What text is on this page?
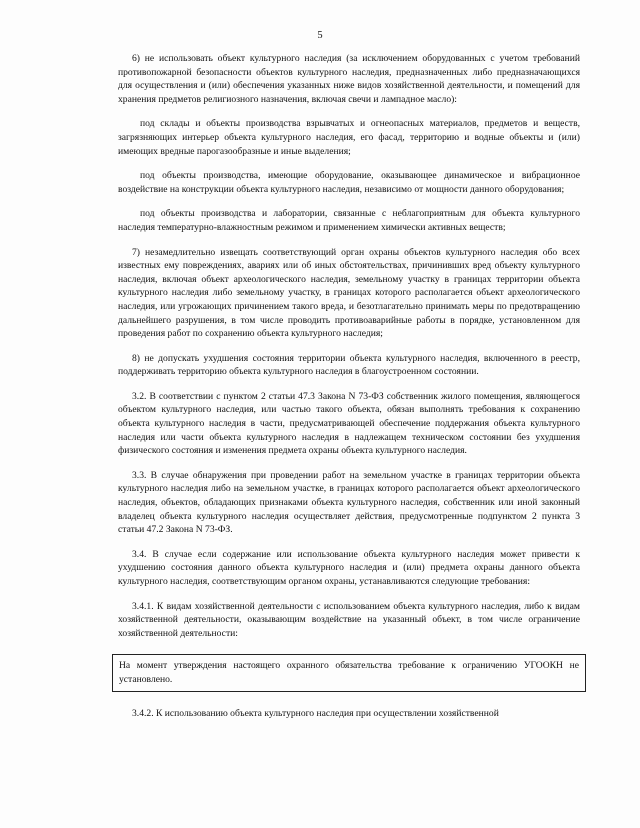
5

6) не использовать объект культурного наследия (за исключением оборудованных с учетом требований противопожарной безопасности объектов культурного наследия, предназначенных либо предназначающихся для осуществления и (или) обеспечения указанных ниже видов хозяйственной деятельности, и помещений для хранения предметов религиозного назначения, включая свечи и лампадное масло):

под склады и объекты производства взрывчатых и огнеопасных материалов, предметов и веществ, загрязняющих интерьер объекта культурного наследия, его фасад, территорию и водные объекты и (или) имеющих вредные парогазообразные и иные выделения;

под объекты производства, имеющие оборудование, оказывающее динамическое и вибрационное воздействие на конструкции объекта культурного наследия, независимо от мощности данного оборудования;

под объекты производства и лаборатории, связанные с неблагоприятным для объекта культурного наследия температурно-влажностным режимом и применением химически активных веществ;

7) незамедлительно извещать соответствующий орган охраны объектов культурного наследия обо всех известных ему повреждениях, авариях или об иных обстоятельствах, причинивших вред объекту культурного наследия, включая объект археологического наследия, земельному участку в границах территории объекта культурного наследия либо земельному участку, в границах которого располагается объект археологического наследия, или угрожающих причинением такого вреда, и безотлагательно принимать меры по предотвращению дальнейшего разрушения, в том числе проводить противоаварийные работы в порядке, установленном для проведения работ по сохранению объекта культурного наследия;

8) не допускать ухудшения состояния территории объекта культурного наследия, включенного в реестр, поддерживать территорию объекта культурного наследия в благоустроенном состоянии.

3.2. В соответствии с пунктом 2 статьи 47.3 Закона N 73-ФЗ собственник жилого помещения, являющегося объектом культурного наследия, или частью такого объекта, обязан выполнять требования к сохранению объекта культурного наследия в части, предусматривающей обеспечение поддержания объекта культурного наследия или части объекта культурного наследия в надлежащем техническом состоянии без ухудшения физического состояния и изменения предмета охраны объекта культурного наследия.

3.3. В случае обнаружения при проведении работ на земельном участке в границах территории объекта культурного наследия либо на земельном участке, в границах которого располагается объект археологического наследия, объектов, обладающих признаками объекта культурного наследия, собственник или иной законный владелец объекта культурного наследия осуществляет действия, предусмотренные подпунктом 2 пункта 3 статьи 47.2 Закона N 73-ФЗ.

3.4. В случае если содержание или использование объекта культурного наследия может привести к ухудшению состояния данного объекта культурного наследия и (или) предмета охраны данного объекта культурного наследия, соответствующим органом охраны, устанавливаются следующие требования:

3.4.1. К видам хозяйственной деятельности с использованием объекта культурного наследия, либо к видам хозяйственной деятельности, оказывающим воздействие на указанный объект, в том числе ограничение хозяйственной деятельности:

На момент утверждения настоящего охранного обязательства требование к ограничению УГООКН не установлено.

3.4.2. К использованию объекта культурного наследия при осуществлении хозяйственной
